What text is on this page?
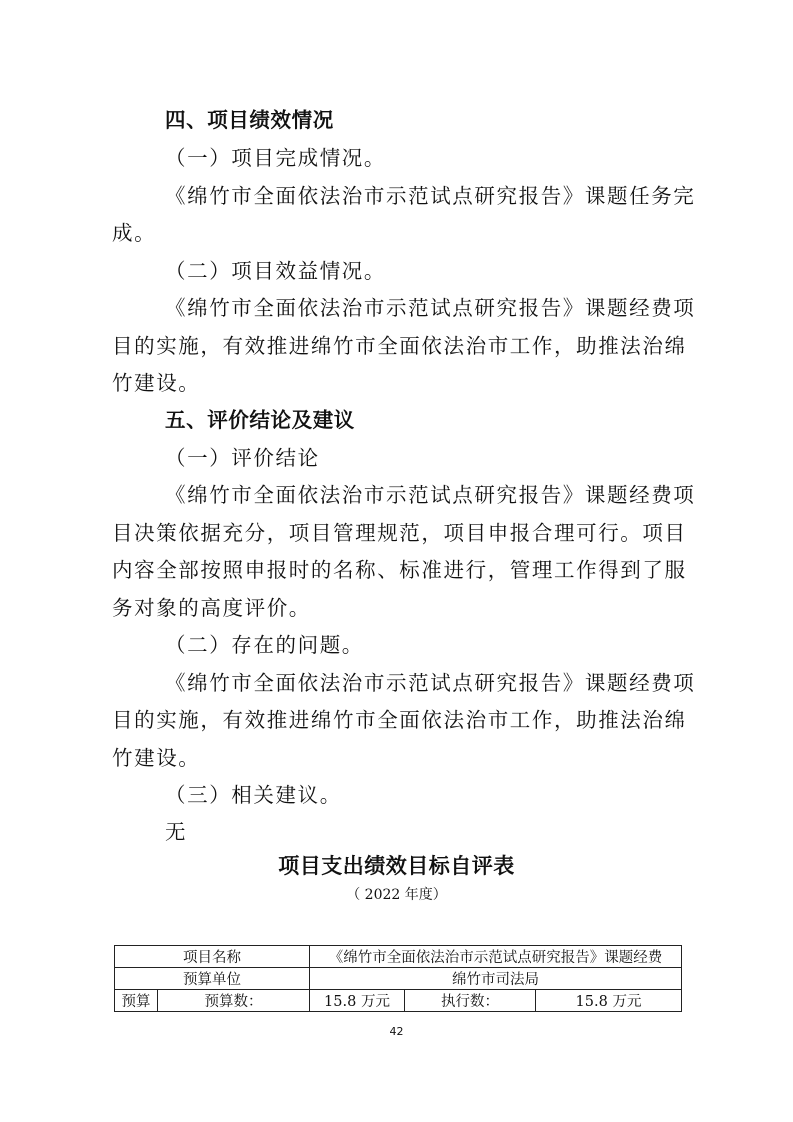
四、项目绩效情况
（一）项目完成情况。
《绵竹市全面依法治市示范试点研究报告》课题任务完
成。
（二）项目效益情况。
《绵竹市全面依法治市示范试点研究报告》课题经费项
目的实施，有效推进绵竹市全面依法治市工作，助推法治绵
竹建设。
五、评价结论及建议
（一）评价结论
《绵竹市全面依法治市示范试点研究报告》课题经费项
目决策依据充分，项目管理规范，项目申报合理可行。项目
内容全部按照申报时的名称、标准进行，管理工作得到了服
务对象的高度评价。
（二）存在的问题。
《绵竹市全面依法治市示范试点研究报告》课题经费项
目的实施，有效推进绵竹市全面依法治市工作，助推法治绵
竹建设。
（三）相关建议。
无
项目支出绩效目标自评表
（ 2022 年度）
项目名称		《绵竹市全面依法治市示范试点研究报告》课题经费		
预算单位		绵竹市司法局		
预算	预算数：	15.8 万元	执行数：	15.8 万元
42
